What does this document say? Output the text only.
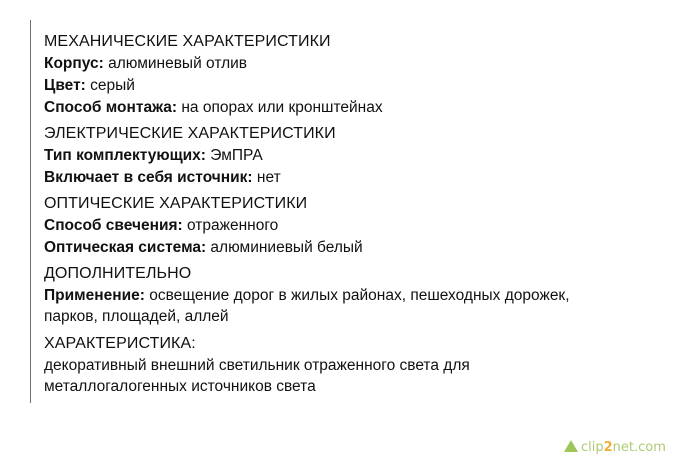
МЕХАНИЧЕСКИЕ ХАРАКТЕРИСТИКИ
Корпус: алюминевый отлив
Цвет: серый
Способ монтажа: на опорах или кронштейнах
ЭЛЕКТРИЧЕСКИЕ ХАРАКТЕРИСТИКИ
Тип комплектующих: ЭмПРА
Включает в себя источник: нет
ОПТИЧЕСКИЕ ХАРАКТЕРИСТИКИ
Способ свечения: отраженного
Оптическая система: алюминиевый белый
ДОПОЛНИТЕЛЬНО
Применение: освещение дорог в жилых районах, пешеходных дорожек, парков, площадей, аллей
ХАРАКТЕРИСТИКА:
декоративный внешний светильник отраженного света для металлогалогенных источников света
clip2net.com
